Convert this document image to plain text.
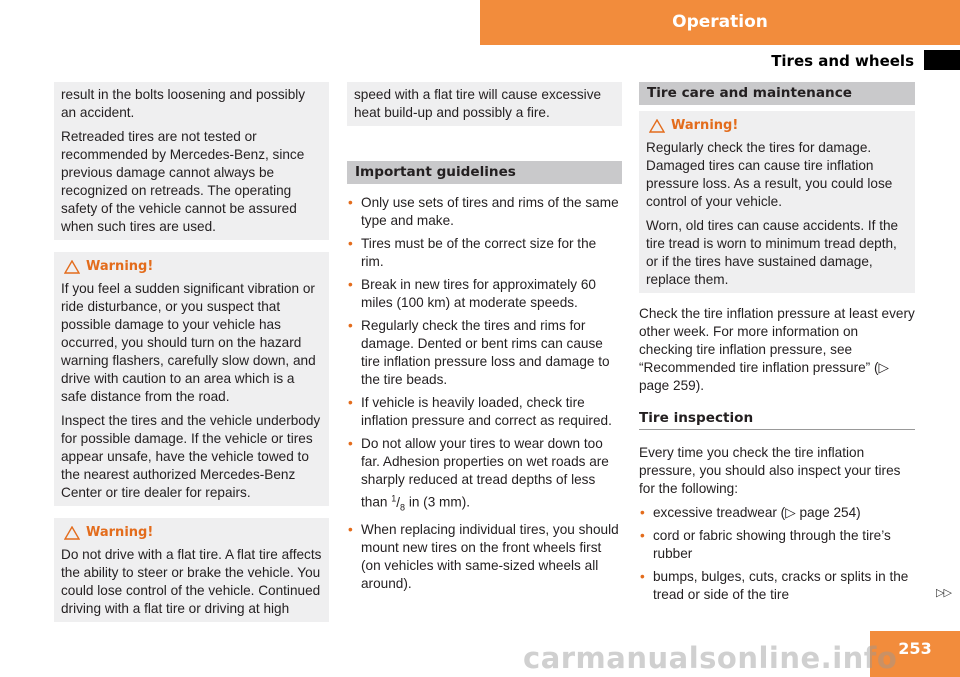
Operation
Tires and wheels

result in the bolts loosening and possibly an accident.

Retreaded tires are not tested or recommended by Mercedes-Benz, since previous damage cannot always be recognized on retreads. The operating safety of the vehicle cannot be assured when such tires are used.

Warning!

If you feel a sudden significant vibration or ride disturbance, or you suspect that possible damage to your vehicle has occurred, you should turn on the hazard warning flashers, carefully slow down, and drive with caution to an area which is a safe distance from the road.

Inspect the tires and the vehicle underbody for possible damage. If the vehicle or tires appear unsafe, have the vehicle towed to the nearest authorized Mercedes-Benz Center or tire dealer for repairs.

Warning!

Do not drive with a flat tire. A flat tire affects the ability to steer or brake the vehicle. You could lose control of the vehicle. Continued driving with a flat tire or driving at high

speed with a flat tire will cause excessive heat build-up and possibly a fire.

Important guidelines
• Only use sets of tires and rims of the same type and make.
• Tires must be of the correct size for the rim.
• Break in new tires for approximately 60 miles (100 km) at moderate speeds.
• Regularly check the tires and rims for damage. Dented or bent rims can cause tire inflation pressure loss and damage to the tire beads.
• If vehicle is heavily loaded, check tire inflation pressure and correct as required.
• Do not allow your tires to wear down too far. Adhesion properties on wet roads are sharply reduced at tread depths of less than $^1/_8$ in (3 mm).
• When replacing individual tires, you should mount new tires on the front wheels first (on vehicles with same-sized wheels all around).
Tire care and maintenance
Warning!

Regularly check the tires for damage. Damaged tires can cause tire inflation pressure loss. As a result, you could lose control of your vehicle.

Worn, old tires can cause accidents. If the tire tread is worn to minimum tread depth, or if the tires have sustained damage, replace them.

Check the tire inflation pressure at least every other week. For more information on checking tire inflation pressure, see “Recommended tire inflation pressure” (▷ page 259).

Tire inspection

Every time you check the tire inflation pressure, you should also inspect your tires for the following:

• excessive treadwear (▷ page 254)
• cord or fabric showing through the tire’s rubber
• bumps, bulges, cuts, cracks or splits in the tread or side of the tire	▷▷
253
carmanualsonline.info
